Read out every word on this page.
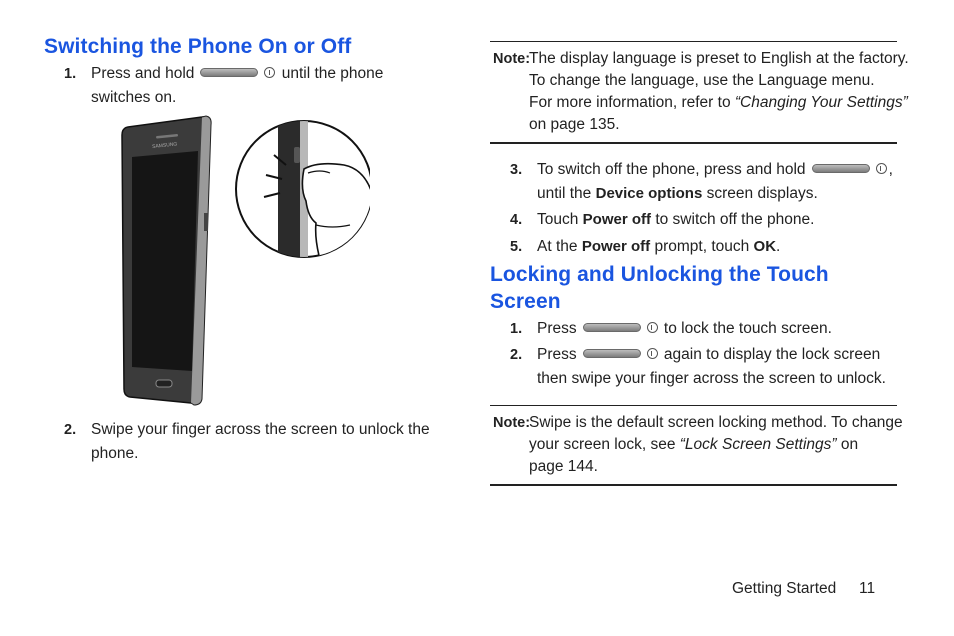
Switching the Phone On or Off
1. Press and hold	until the phone
switches on.
SAMSUNG
2. Swipe your finger across the screen to unlock the
phone.
Note:
The display language is preset to English at the factory.
To change the language, use the Language menu.
For more information, refer to “Changing Your Settings”
on page 135.
3. To switch off the phone, press and hold	,
until the Device options screen displays.
4. Touch Power off to switch off the phone.
5. At the Power off prompt, touch OK.
Locking and Unlocking the Touch
Screen
1. Press	to lock the touch screen.
2. Press	again to display the lock screen
then swipe your finger across the screen to unlock.
Note:
Swipe is the default screen locking method. To change
your screen lock, see “Lock Screen Settings” on
page 144.
Getting Started 11
